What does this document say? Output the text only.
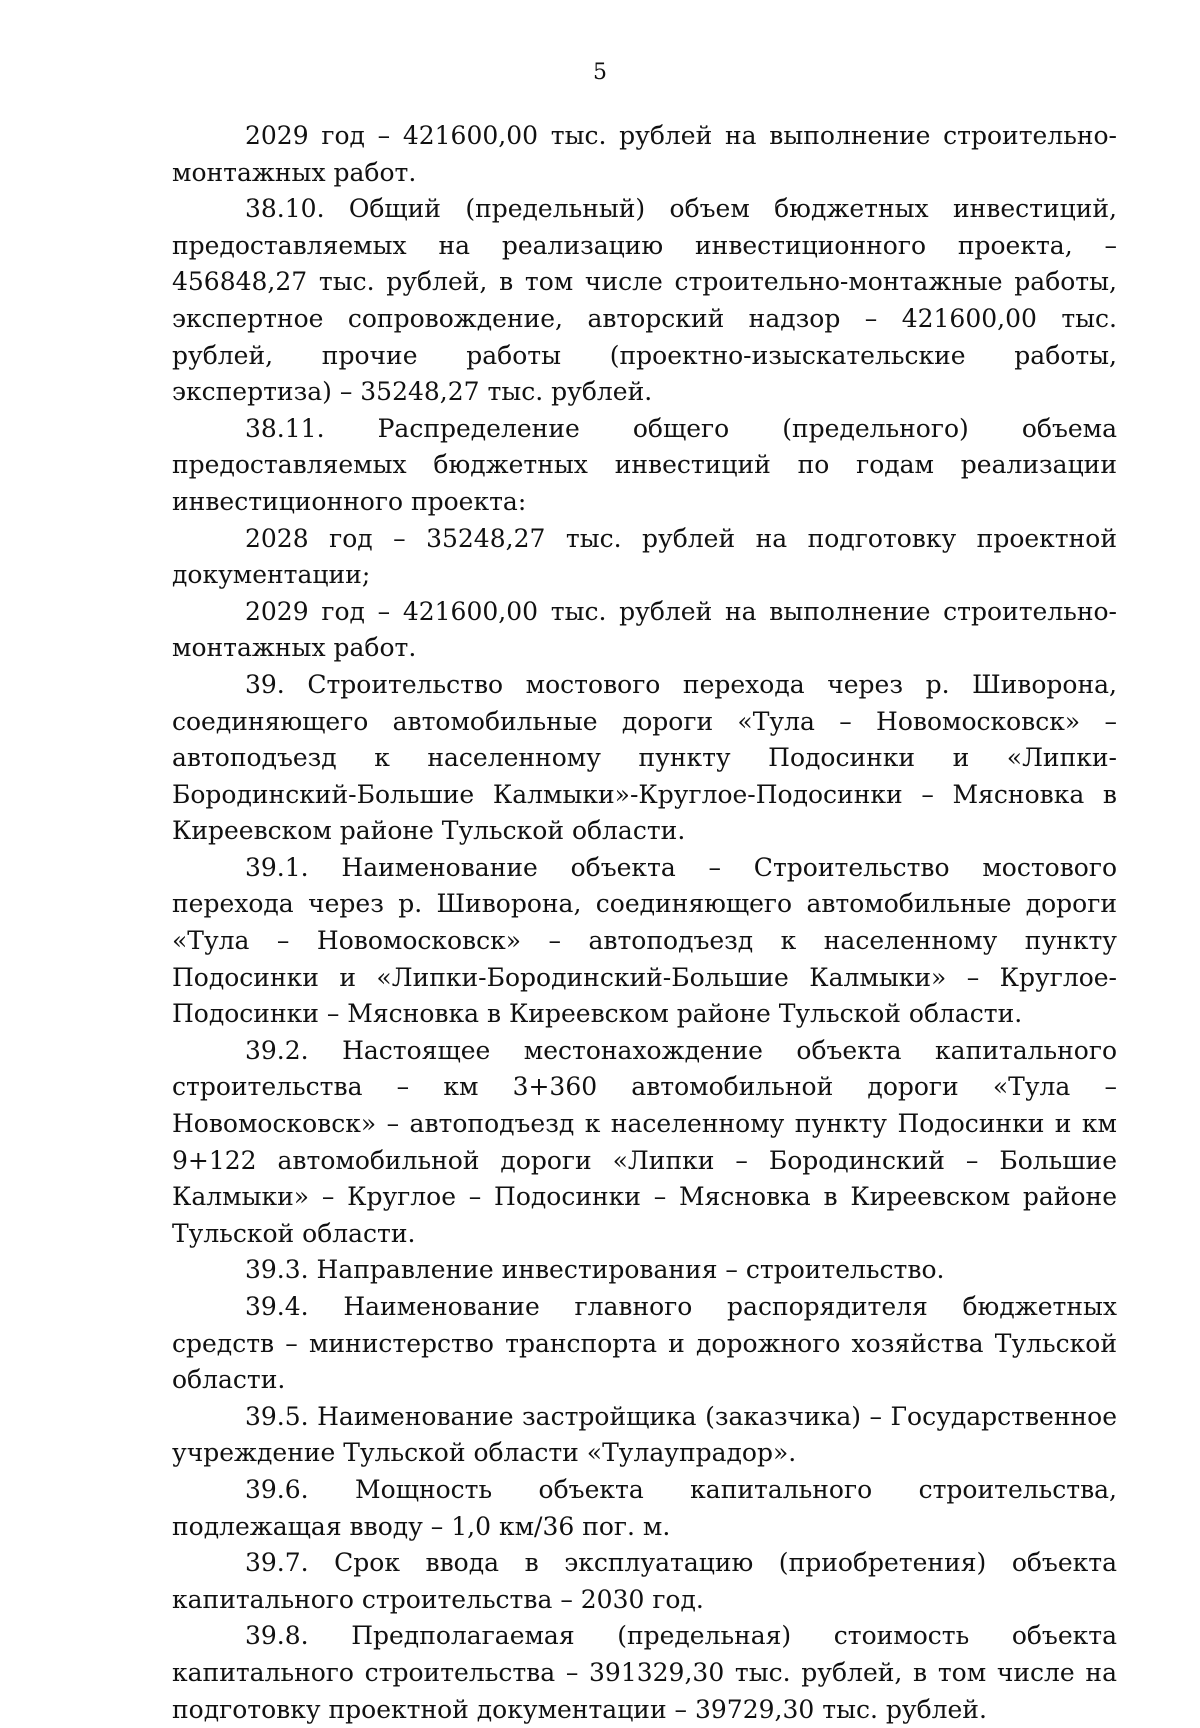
5

2029 год – 421600,00 тыс. рублей на выполнение строительно-монтажных работ.

38.10. Общий (предельный) объем бюджетных инвестиций, предоставляемых на реализацию инвестиционного проекта, – 456848,27 тыс. рублей, в том числе строительно-монтажные работы, экспертное сопровождение, авторский надзор – 421600,00 тыс. рублей, прочие работы (проектно-изыскательские работы, экспертиза) – 35248,27 тыс. рублей.

38.11. Распределение общего (предельного) объема предоставляемых бюджетных инвестиций по годам реализации инвестиционного проекта:

2028 год – 35248,27 тыс. рублей на подготовку проектной документации;

2029 год – 421600,00 тыс. рублей на выполнение строительно-монтажных работ.

39. Строительство мостового перехода через р. Шиворона, соединяющего автомобильные дороги «Тула – Новомосковск» – автоподъезд к населенному пункту Подосинки и «Липки-Бородинский-Большие Калмыки»-Круглое-Подосинки – Мясновка в Киреевском районе Тульской области.

39.1. Наименование объекта – Строительство мостового перехода через р. Шиворона, соединяющего автомобильные дороги «Тула – Новомосковск» – автоподъезд к населенному пункту Подосинки и «Липки-Бородинский-Большие Калмыки» – Круглое-Подосинки – Мясновка в Киреевском районе Тульской области.

39.2. Настоящее местонахождение объекта капитального строительства – км 3+360 автомобильной дороги «Тула – Новомосковск» – автоподъезд к населенному пункту Подосинки и км 9+122 автомобильной дороги «Липки – Бородинский – Большие Калмыки» – Круглое – Подосинки – Мясновка в Киреевском районе Тульской области.

39.3. Направление инвестирования – строительство.

39.4. Наименование главного распорядителя бюджетных средств – министерство транспорта и дорожного хозяйства Тульской области.

39.5. Наименование застройщика (заказчика) – Государственное учреждение Тульской области «Тулаупрадор».

39.6. Мощность объекта капитального строительства, подлежащая вводу – 1,0 км/36 пог. м.

39.7. Срок ввода в эксплуатацию (приобретения) объекта капитального строительства – 2030 год.

39.8. Предполагаемая (предельная) стоимость объекта капитального строительства – 391329,30 тыс. рублей, в том числе на подготовку проектной документации – 39729,30 тыс. рублей.
